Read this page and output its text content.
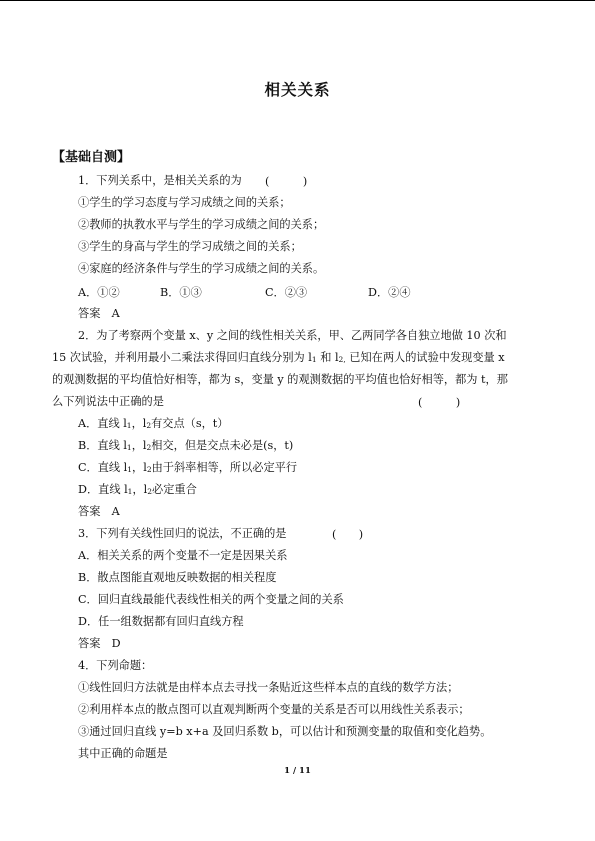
相关关系
【基础自测】
1．下列关系中，是相关关系的为 (　　　)
①学生的学习态度与学习成绩之间的关系；
②教师的执教水平与学生的学习成绩之间的关系；
③学生的身高与学生的学习成绩之间的关系；
④家庭的经济条件与学生的学习成绩之间的关系。
A．①②	B．①③	C．②③	D．②④
答案　A
2．为了考察两个变量 x、y 之间的线性相关关系，甲、乙两同学各自独立地做 10 次和
15 次试验，并利用最小二乘法求得回归直线分别为 $l_1$ 和 $l_{2,}$ 已知在两人的试验中发现变量 x
的观测数据的平均值恰好相等，都为 s，变量 y 的观测数据的平均值也恰好相等，都为 t，那
么下列说法中正确的是	(　　　)
A．直线 $l_1$，$l_2$有交点（s，t）
B．直线 $l_1$，$l_2$相交，但是交点未必是(s，t)
C．直线 $l_1$，$l_2$由于斜率相等，所以必定平行
D．直线 $l_1$，$l_2$必定重合
答案　A
3．下列有关线性回归的说法，不正确的是	(　　)
A．相关关系的两个变量不一定是因果关系
B．散点图能直观地反映数据的相关程度
C．回归直线最能代表线性相关的两个变量之间的关系
D．任一组数据都有回归直线方程
答案　D
4．下列命题：
①线性回归方法就是由样本点去寻找一条贴近这些样本点的直线的数学方法；
②利用样本点的散点图可以直观判断两个变量的关系是否可以用线性关系表示；
③通过回归直线 y=b x+a 及回归系数 b，可以估计和预测变量的取值和变化趋势。
其中正确的命题是
1 / 11
